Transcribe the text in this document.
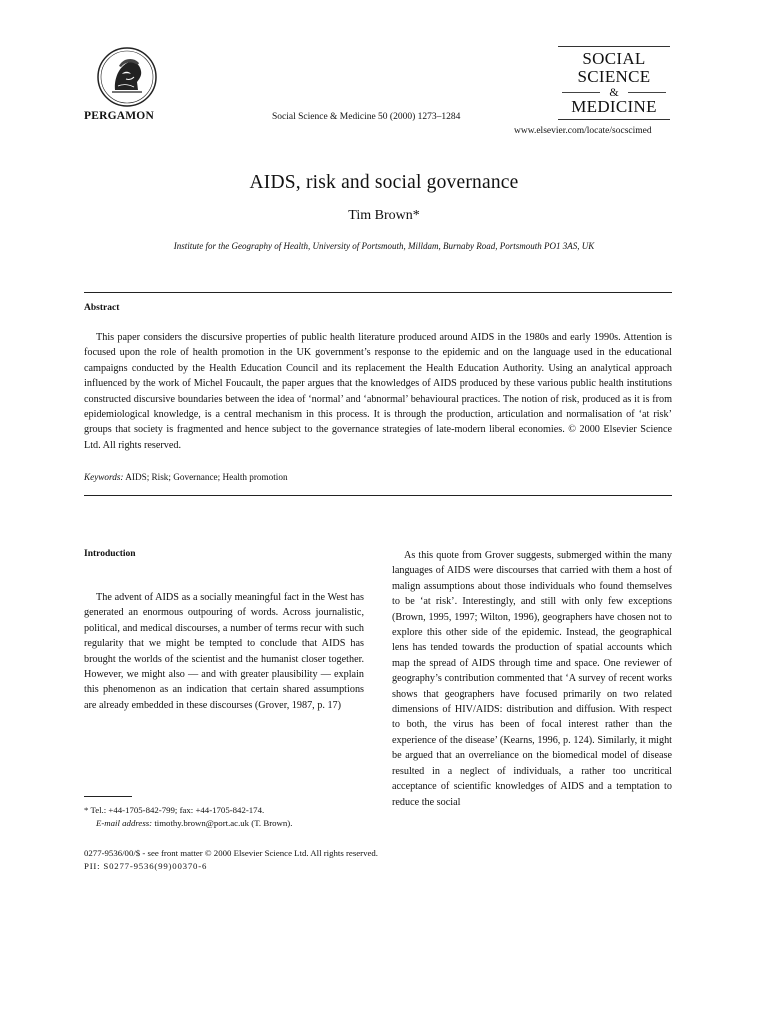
PERGAMON	Social Science & Medicine 50 (2000) 1273–1284
SOCIAL
SCIENCE
&
MEDICINE
www.elsevier.com/locate/socscimed
AIDS, risk and social governance
Tim Brown*
Institute for the Geography of Health, University of Portsmouth, Milldam, Burnaby Road, Portsmouth PO1 3AS, UK
Abstract
This paper considers the discursive properties of public health literature produced around AIDS in the 1980s and early 1990s. Attention is focused upon the role of health promotion in the UK government’s response to the epidemic and on the language used in the educational campaigns conducted by the Health Education Council and its replacement the Health Education Authority. Using an analytical approach influenced by the work of Michel Foucault, the paper argues that the knowledges of AIDS produced by these various public health institutions constructed discursive boundaries between the idea of ‘normal’ and ‘abnormal’ behavioural practices. The notion of risk, produced as it is from epidemiological knowledge, is a central mechanism in this process. It is through the production, articulation and normalisation of ‘at risk’ groups that society is fragmented and hence subject to the governance strategies of late-modern liberal economies. © 2000 Elsevier Science Ltd. All rights reserved.
Keywords: AIDS; Risk; Governance; Health promotion
Introduction
The advent of AIDS as a socially meaningful fact in the West has generated an enormous outpouring of words. Across journalistic, political, and medical discourses, a number of terms recur with such regularity that we might be tempted to conclude that AIDS has brought the worlds of the scientist and the humanist closer together. However, we might also — and with greater plausibility — explain this phenomenon as an indication that certain shared assumptions are already embedded in these discourses (Grover, 1987, p. 17)
As this quote from Grover suggests, submerged within the many languages of AIDS were discourses that carried with them a host of malign assumptions about those individuals who found themselves to be ‘at risk’. Interestingly, and still with only few exceptions (Brown, 1995, 1997; Wilton, 1996), geographers have chosen not to explore this other side of the epidemic. Instead, the geographical lens has tended towards the production of spatial accounts which map the spread of AIDS through time and space. One reviewer of geography’s contribution commented that ‘A survey of recent works shows that geographers have focused primarily on two related dimensions of HIV/AIDS: distribution and diffusion. With respect to both, the virus has been of focal interest rather than the experience of the disease’ (Kearns, 1996, p. 124). Similarly, it might be argued that an overreliance on the biomedical model of disease resulted in a neglect of individuals, a rather too uncritical acceptance of scientific knowledges of AIDS and a temptation to reduce the social
* Tel.: +44-1705-842-799; fax: +44-1705-842-174.
E-mail address: timothy.brown@port.ac.uk (T. Brown).
0277-9536/00/$ - see front matter © 2000 Elsevier Science Ltd. All rights reserved.
PII: S0277-9536(99)00370-6
